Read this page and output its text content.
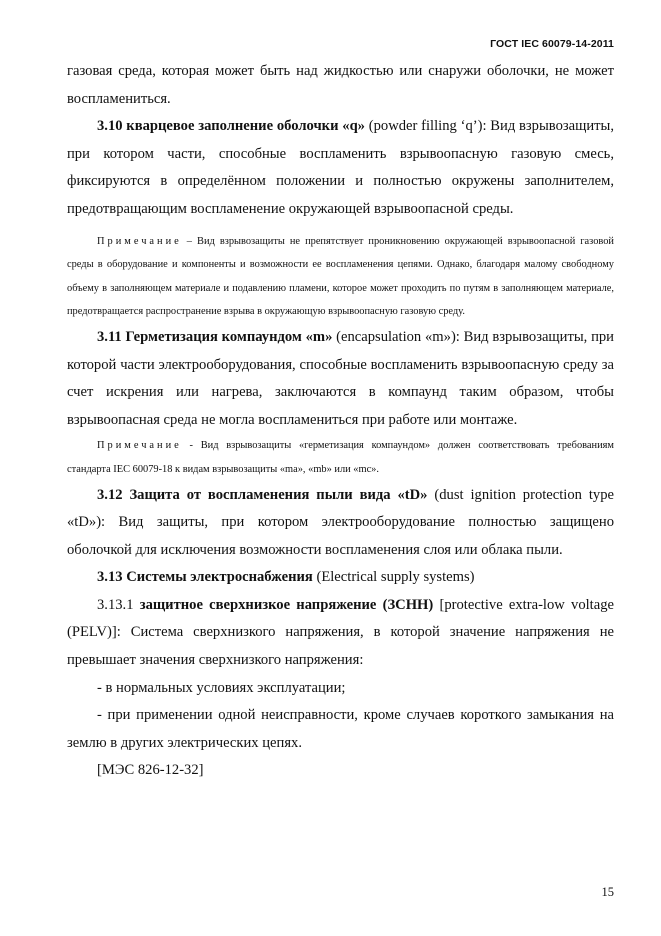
ГОСТ IEC 60079-14-2011

газовая среда, которая может быть над жидкостью или снаружи оболочки, не может воспламениться.

3.10 кварцевое заполнение оболочки «q» (powder filling ‘q’): Вид взрывозащиты, при котором части, способные воспламенить взрывоопасную газовую смесь, фиксируются в определённом положении и полностью окружены заполнителем, предотвращающим воспламенение окружающей взрывоопасной среды.

Примечание – Вид взрывозащиты не препятствует проникновению окружающей взрывоопасной газовой среды в оборудование и компоненты и возможности ее воспламенения цепями. Однако, благодаря малому свободному объему в заполняющем материале и подавлению пламени, которое может проходить по путям в заполняющем материале, предотвращается распространение взрыва в окружающую взрывоопасную газовую среду.

3.11 Герметизация компаундом «m» (encapsulation «m»): Вид взрывозащиты, при которой части электрооборудования, способные воспламенить взрывоопасную среду за счет искрения или нагрева, заключаются в компаунд таким образом, чтобы взрывоопасная среда не могла воспламениться при работе или монтаже.

Примечание - Вид взрывозащиты «герметизация компаундом» должен соответствовать требованиям стандарта IEC 60079-18 к видам взрывозащиты «ma», «mb» или «mc».

3.12 Защита от воспламенения пыли вида «tD» (dust ignition protection type «tD»): Вид защиты, при котором электрооборудование полностью защищено оболочкой для исключения возможности воспламенения слоя или облака пыли.

3.13 Системы электроснабжения (Electrical supply systems)

3.13.1 защитное сверхнизкое напряжение (ЗСНН) [protective extra-low voltage (PELV)]: Система сверхнизкого напряжения, в которой значение напряжения не превышает значения сверхнизкого напряжения:

- в нормальных условиях эксплуатации;

- при применении одной неисправности, кроме случаев короткого замыкания на землю в других электрических цепях.

[МЭС 826-12-32]

15
